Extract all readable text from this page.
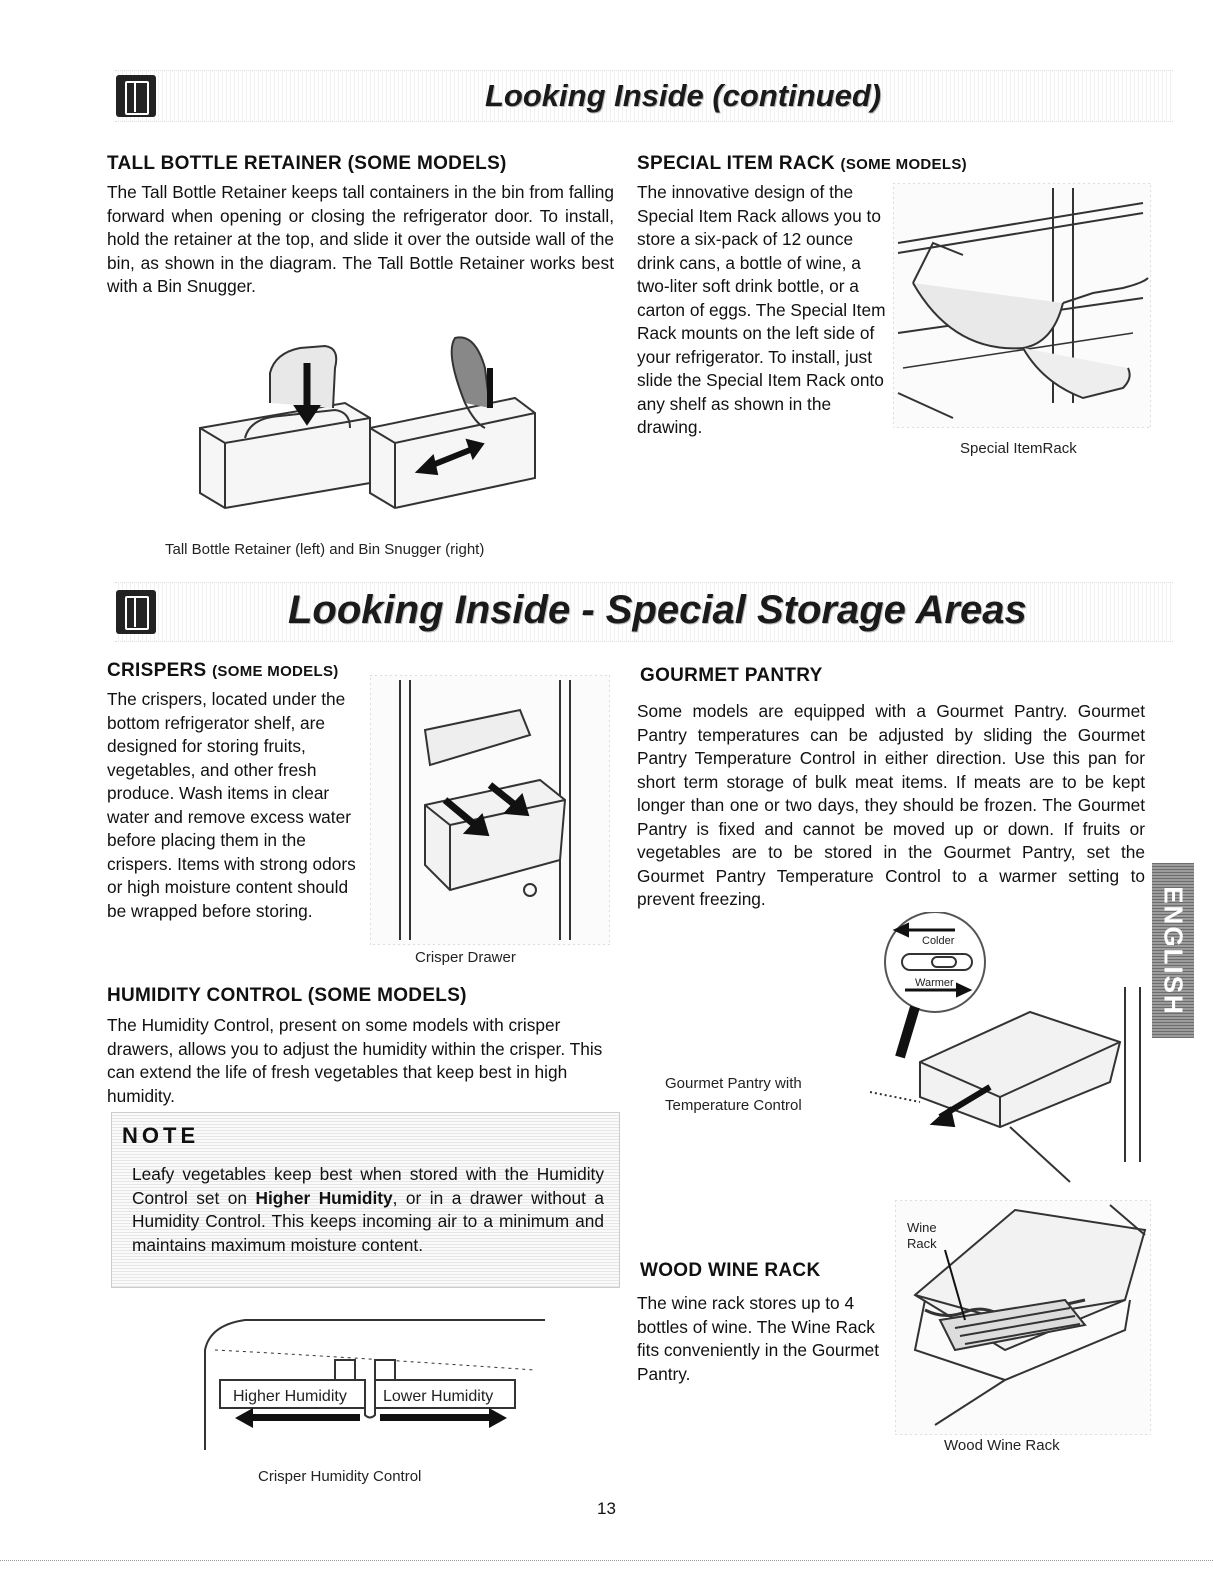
Looking Inside (continued)
TALL BOTTLE RETAINER (SOME MODELS)
The Tall Bottle Retainer keeps tall containers in the bin from falling forward when opening or closing the refrigerator door. To install, hold the retainer at the top, and slide it over the outside wall of the bin, as shown in the diagram. The Tall Bottle Retainer works best with a Bin Snugger.
Tall Bottle Retainer (left) and Bin Snugger (right)
SPECIAL ITEM RACK (SOME MODELS)
The innovative design of the Special Item Rack allows you to store a six-pack of 12 ounce drink cans, a bottle of wine, a two-liter soft drink bottle, or a carton of eggs. The Special Item Rack mounts on the left side of your refrigerator. To install, just slide the Special Item Rack onto any shelf as shown in the drawing.
Special ItemRack
Looking Inside - Special Storage Areas
CRISPERS (SOME MODELS)
The crispers, located under the bottom refrigerator shelf, are designed for storing fruits, vegetables, and other fresh produce. Wash items in clear water and remove excess water before placing them in the crispers. Items with strong odors or high moisture content should be wrapped before storing.
Crisper Drawer
HUMIDITY CONTROL (SOME MODELS)
The Humidity Control, present on some models with crisper drawers, allows you to adjust the humidity within the crisper. This can extend the life of fresh vegetables that keep best in high humidity.
NOTE
Leafy vegetables keep best when stored with the Humidity Control set on Higher Humidity, or in a drawer without a Humidity Control. This keeps incoming air to a minimum and maintains maximum moisture content.
Higher Humidity Lower Humidity
Crisper Humidity Control
GOURMET PANTRY
Some models are equipped with a Gourmet Pantry. Gourmet Pantry temperatures can be adjusted by sliding the Gourmet Pantry Temperature Control in either direction. Use this pan for short term storage of bulk meat items. If meats are to be kept longer than one or two days, they should be frozen. The Gourmet Pantry is fixed and cannot be moved up or down. If fruits or vegetables are to be stored in the Gourmet Pantry, set the Gourmet Pantry Temperature Control to a warmer setting to prevent freezing.
Colder
Warmer
Gourmet Pantry with
Temperature Control
WOOD WINE RACK
The wine rack stores up to 4 bottles of wine. The Wine Rack fits conveniently in the Gourmet Pantry.
Wine
Rack
Wood Wine Rack
ENGLISH
13
